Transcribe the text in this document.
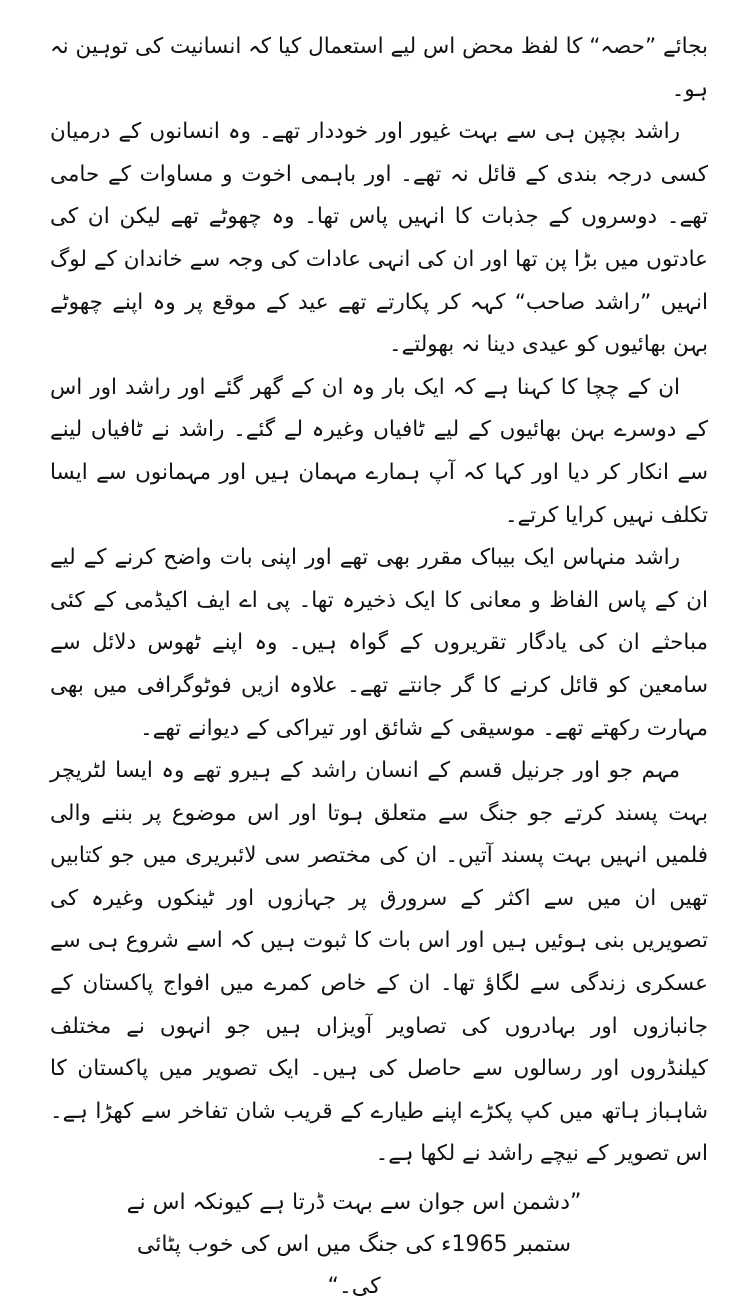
بجائے ”حصہ“ کا لفظ محض اس لیے استعمال کیا کہ انسانیت کی توہین نہ ہو۔

راشد بچپن ہی سے بہت غیور اور خوددار تھے۔ وہ انسانوں کے درمیان کسی درجہ بندی کے قائل نہ تھے۔ اور باہمی اخوت و مساوات کے حامی تھے۔ دوسروں کے جذبات کا انہیں پاس تھا۔ وہ چھوٹے تھے لیکن ان کی عادتوں میں بڑا پن تھا اور ان کی انہی عادات کی وجہ سے خاندان کے لوگ انہیں ”راشد صاحب“ کہہ کر پکارتے تھے عید کے موقع پر وہ اپنے چھوٹے بہن بھائیوں کو عیدی دینا نہ بھولتے۔

ان کے چچا کا کہنا ہے کہ ایک بار وہ ان کے گھر گئے اور راشد اور اس کے دوسرے بہن بھائیوں کے لیے ٹافیاں وغیرہ لے گئے۔ راشد نے ٹافیاں لینے سے انکار کر دیا اور کہا کہ آپ ہمارے مہمان ہیں اور مہمانوں سے ایسا تکلف نہیں کرایا کرتے۔

راشد منہاس ایک بیباک مقرر بھی تھے اور اپنی بات واضح کرنے کے لیے ان کے پاس الفاظ و معانی کا ایک ذخیرہ تھا۔ پی اے ایف اکیڈمی کے کئی مباحثے ان کی یادگار تقریروں کے گواہ ہیں۔ وہ اپنے ٹھوس دلائل سے سامعین کو قائل کرنے کا گر جانتے تھے۔ علاوہ ازیں فوٹوگرافی میں بھی مہارت رکھتے تھے۔ موسیقی کے شائق اور تیراکی کے دیوانے تھے۔

مہم جو اور جرنیل قسم کے انسان راشد کے ہیرو تھے وہ ایسا لٹریچر بہت پسند کرتے جو جنگ سے متعلق ہوتا اور اس موضوع پر بننے والی فلمیں انہیں بہت پسند آتیں۔ ان کی مختصر سی لائبریری میں جو کتابیں تھیں ان میں سے اکثر کے سرورق پر جہازوں اور ٹینکوں وغیرہ کی تصویریں بنی ہوئیں ہیں اور اس بات کا ثبوت ہیں کہ اسے شروع ہی سے عسکری زندگی سے لگاؤ تھا۔ ان کے خاص کمرے میں افواج پاکستان کے جانبازوں اور بہادروں کی تصاویر آویزاں ہیں جو انہوں نے مختلف کیلنڈروں اور رسالوں سے حاصل کی ہیں۔ ایک تصویر میں پاکستان کا شاہباز ہاتھ میں کپ پکڑے اپنے طیارے کے قریب شان تفاخر سے کھڑا ہے۔ اس تصویر کے نیچے راشد نے لکھا ہے۔

”دشمن اس جوان سے بہت ڈرتا ہے کیونکہ اس نے ستمبر 1965ء کی جنگ میں اس کی خوب پٹائی کی۔“
